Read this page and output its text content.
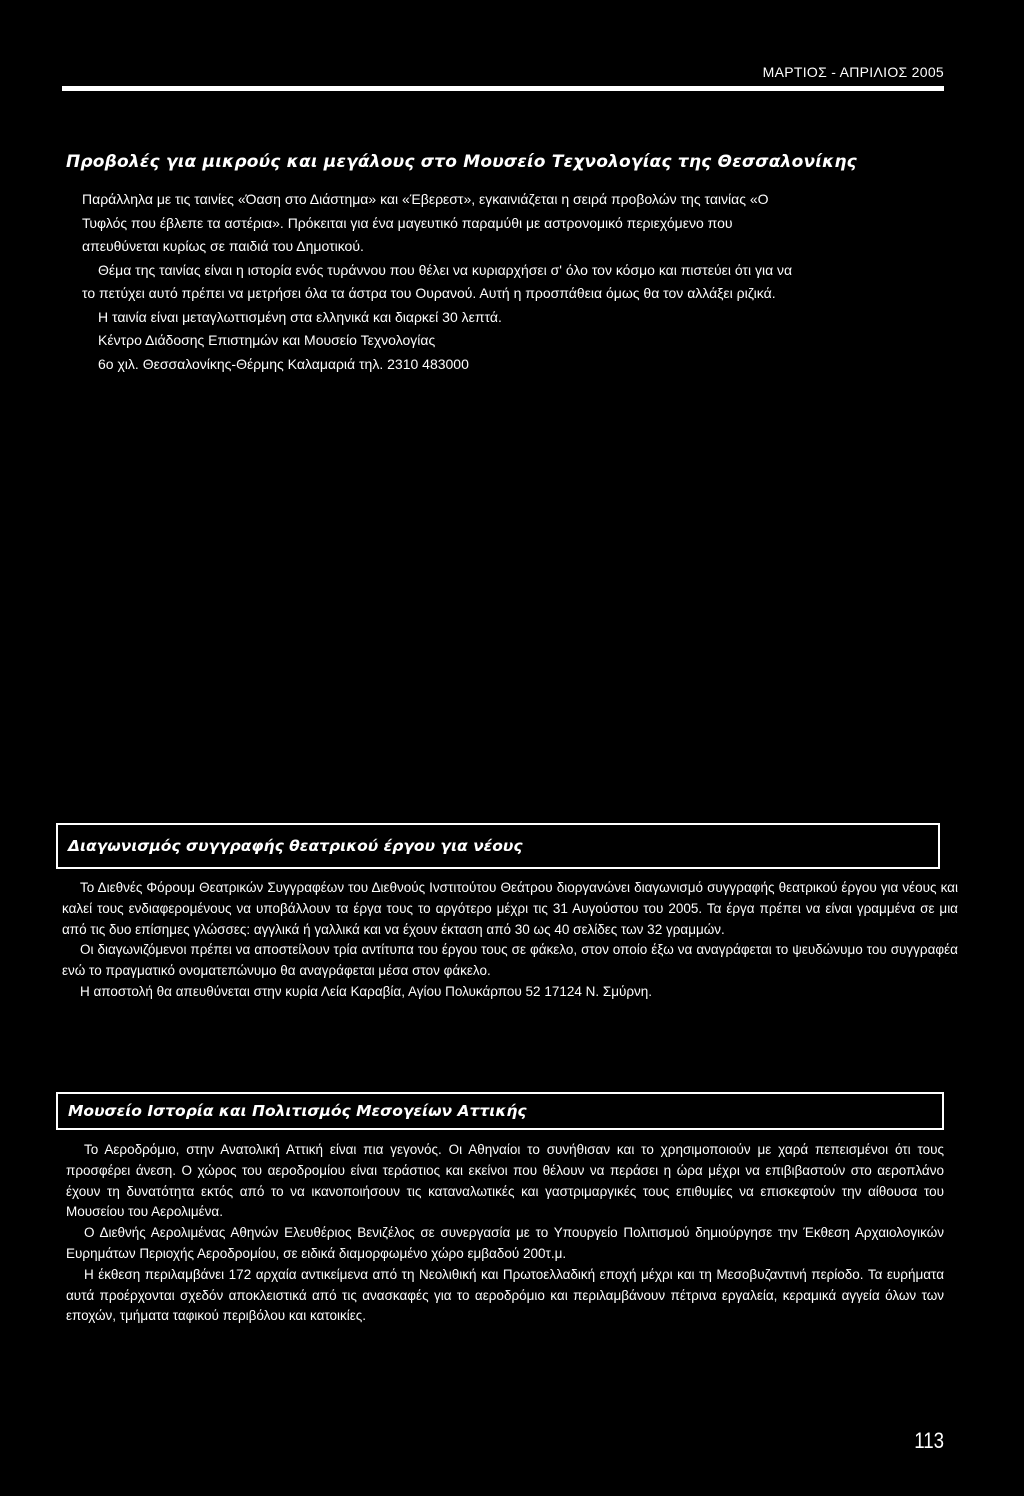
ΜΑΡΤΙΟΣ - ΑΠΡΙΛΙΟΣ 2005
Προβολές για μικρούς και μεγάλους στο Μουσείο Τεχνολογίας της Θεσσαλονίκης

Παράλληλα με τις ταινίες «Όαση στο Διάστημα» και «Έβερεστ», εγκαινιάζεται η σειρά προβολών της ταινίας «Ο Τυφλός που έβλεπε τα αστέρια». Πρόκειται για ένα μαγευτικό παραμύθι με αστρονομικό περιεχόμενο που απευθύνεται κυρίως σε παιδιά του Δημοτικού.

Θέμα της ταινίας είναι η ιστορία ενός τυράννου που θέλει να κυριαρχήσει σ' όλο τον κόσμο και πιστεύει ότι για να το πετύχει αυτό πρέπει να μετρήσει όλα τα άστρα του Ουρανού. Αυτή η προσπάθεια όμως θα τον αλλάξει ριζικά.

Η ταινία είναι μεταγλωττισμένη στα ελληνικά και διαρκεί 30 λεπτά.

Κέντρο Διάδοσης Επιστημών και Μουσείο Τεχνολογίας

6ο χιλ. Θεσσαλονίκης-Θέρμης Καλαμαριά τηλ. 2310 483000

Διαγωνισμός συγγραφής θεατρικού έργου για νέους

Το Διεθνές Φόρουμ Θεατρικών Συγγραφέων του Διεθνούς Ινστιτούτου Θεάτρου διοργανώνει διαγωνισμό συγγραφής θεατρικού έργου για νέους και καλεί τους ενδιαφερομένους να υποβάλλουν τα έργα τους το αργότερο μέχρι τις 31 Αυγούστου του 2005. Τα έργα πρέπει να είναι γραμμένα σε μια από τις δυο επίσημες γλώσσες: αγγλικά ή γαλλικά και να έχουν έκταση από 30 ως 40 σελίδες των 32 γραμμών.

Οι διαγωνιζόμενοι πρέπει να αποστείλουν τρία αντίτυπα του έργου τους σε φάκελο, στον οποίο έξω να αναγράφεται το ψευδώνυμο του συγγραφέα ενώ το πραγματικό ονοματεπώνυμο θα αναγράφεται μέσα στον φάκελο.

Η αποστολή θα απευθύνεται στην κυρία Λεία Καραβία, Αγίου Πολυκάρπου 52 17124 Ν. Σμύρνη.

Μουσείο Ιστορία και Πολιτισμός Μεσογείων Αττικής

Το Αεροδρόμιο, στην Ανατολική Αττική είναι πια γεγονός. Οι Αθηναίοι το συνήθισαν και το χρησιμοποιούν με χαρά πεπεισμένοι ότι τους προσφέρει άνεση. Ο χώρος του αεροδρομίου είναι τεράστιος και εκείνοι που θέλουν να περάσει η ώρα μέχρι να επιβιβαστούν στο αεροπλάνο έχουν τη δυνατότητα εκτός από το να ικανοποιήσουν τις καταναλωτικές και γαστριμαργικές τους επιθυμίες να επισκεφτούν την αίθουσα του Μουσείου του Αερολιμένα.

Ο Διεθνής Αερολιμένας Αθηνών Ελευθέριος Βενιζέλος σε συνεργασία με το Υπουργείο Πολιτισμού δημιούργησε την Έκθεση Αρχαιολογικών Ευρημάτων Περιοχής Αεροδρομίου, σε ειδικά διαμορφωμένο χώρο εμβαδού 200τ.μ.

Η έκθεση περιλαμβάνει 172 αρχαία αντικείμενα από τη Νεολιθική και Πρωτοελλαδική εποχή μέχρι και τη Μεσοβυζαντινή περίοδο. Τα ευρήματα αυτά προέρχονται σχεδόν αποκλειστικά από τις ανασκαφές για το αεροδρόμιο και περιλαμβάνουν πέτρινα εργαλεία, κεραμικά αγγεία όλων των εποχών, τμήματα ταφικού περιβόλου και κατοικίες.

113
